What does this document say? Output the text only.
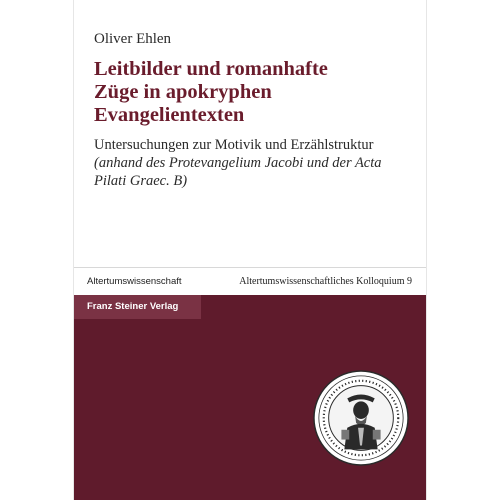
Oliver Ehlen
Leitbilder und romanhafte
Züge in apokryphen
Evangelientexten
Untersuchungen zur Motivik und Erzählstruktur
(anhand des Protevangelium Jacobi und der Acta
Pilati Graec. B)
Altertumswissenschaft	Altertumswissenschaftliches Kolloquium 9
Franz Steiner Verlag
